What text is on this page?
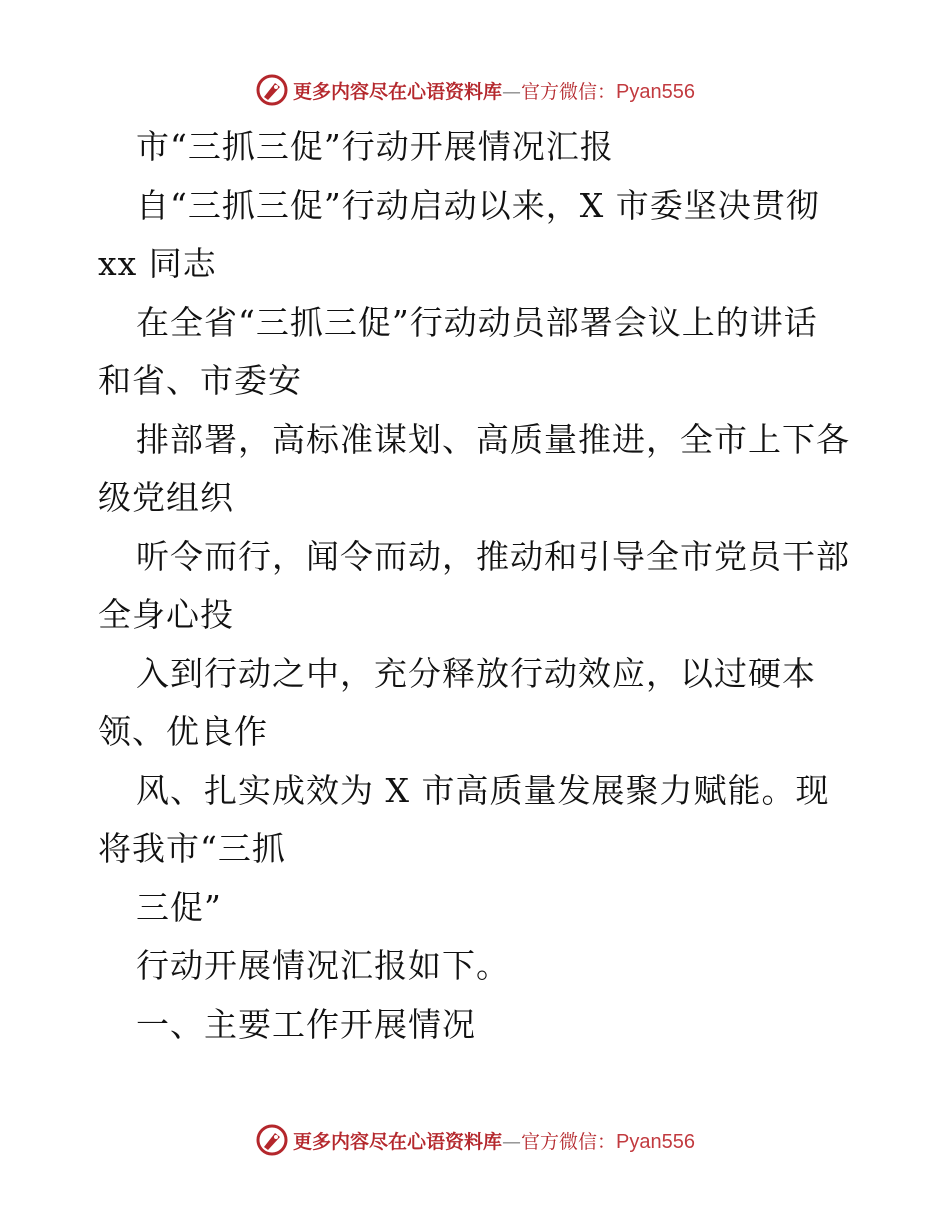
更多内容尽在心语资料库—官方微信：Pyan556
市“三抓三促”行动开展情况汇报
自“三抓三促”行动启动以来，X 市委坚决贯彻
xx 同志
在全省“三抓三促”行动动员部署会议上的讲话
和省、市委安
排部署，高标准谋划、高质量推进，全市上下各
级党组织
听令而行，闻令而动，推动和引导全市党员干部
全身心投
入到行动之中，充分释放行动效应，以过硬本
领、优良作
风、扎实成效为 X 市高质量发展聚力赋能。现
将我市“三抓
三促”
行动开展情况汇报如下。
一、主要工作开展情况
更多内容尽在心语资料库—官方微信：Pyan556
